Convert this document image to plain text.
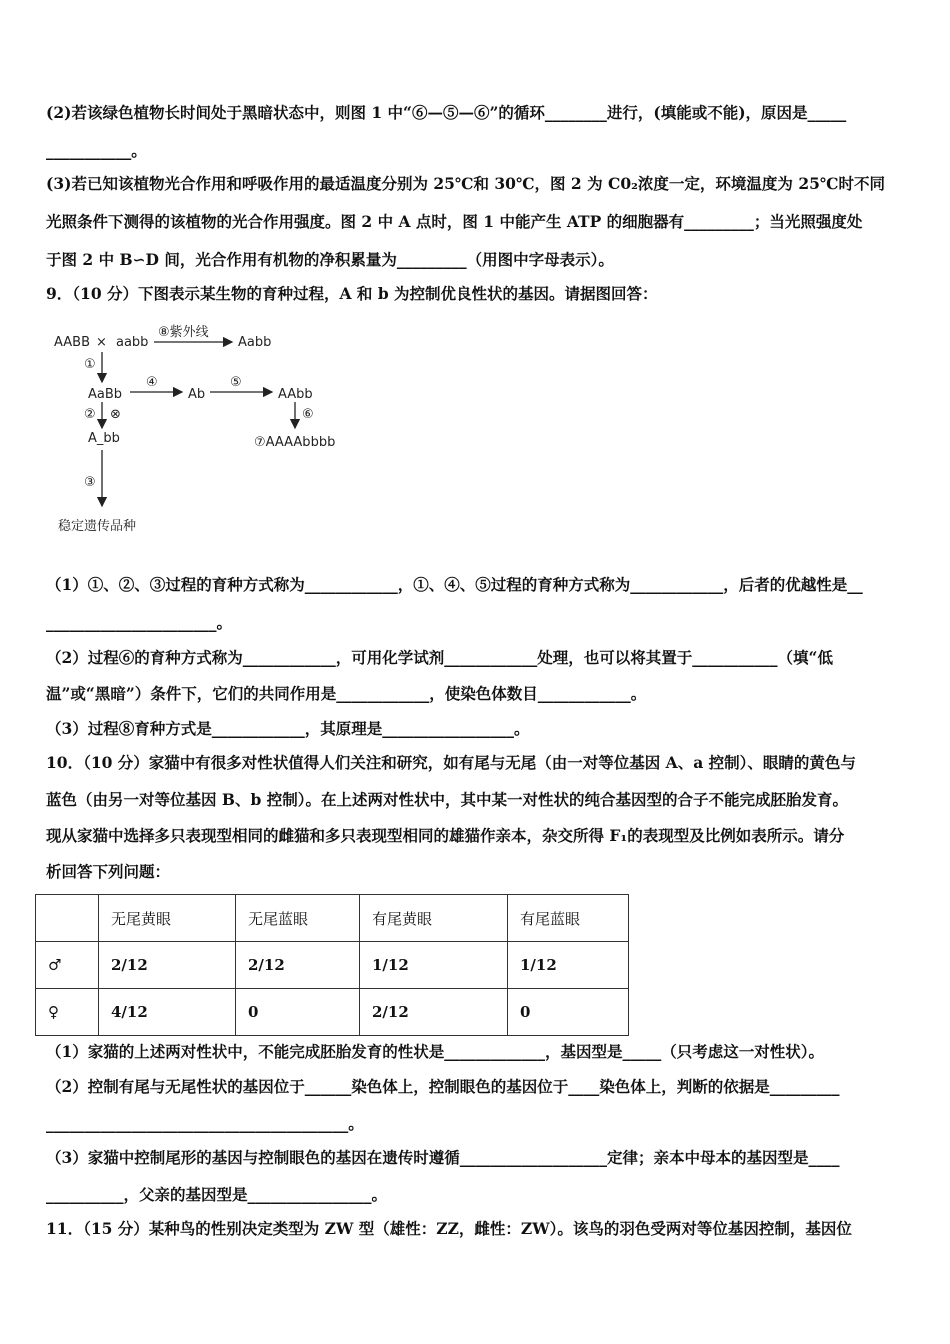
(2)若该绿色植物长时间处于黑暗状态中，则图 1 中“⑥—⑤—⑥”的循环________进行，(填能或不能)，原因是_____
___________。
(3)若已知该植物光合作用和呼吸作用的最适温度分别为 25℃和 30℃，图 2 为 C0₂浓度一定，环境温度为 25℃时不同
光照条件下测得的该植物的光合作用强度。图 2 中 A 点时，图 1 中能产生 ATP 的细胞器有_________；当光照强度处
于图 2 中 B∽D 间，光合作用有机物的净积累量为_________（用图中字母表示）。
9．（10 分）下图表示某生物的育种过程，A 和 b 为控制优良性状的基因。请据图回答：
AABB × aabb
⑧紫外线
Aabb
①
AaBb
④
Ab
⑤
AAbb
② ⊗	⑥
A_bb	⑦AAAAbbbb
③
稳定遗传品种
（1）①、②、③过程的育种方式称为____________，①、④、⑤过程的育种方式称为____________，后者的优越性是__
______________________。
（2）过程⑥的育种方式称为____________，可用化学试剂____________处理，也可以将其置于___________（填“低
温”或“黑暗”）条件下，它们的共同作用是____________，使染色体数目____________。
（3）过程⑧育种方式是____________，其原理是_________________。
10．（10 分）家猫中有很多对性状值得人们关注和研究，如有尾与无尾（由一对等位基因 A、a 控制）、眼睛的黄色与
蓝色（由另一对等位基因 B、b 控制）。在上述两对性状中，其中某一对性状的纯合基因型的合子不能完成胚胎发育。
现从家猫中选择多只表现型相同的雌猫和多只表现型相同的雄猫作亲本，杂交所得 F₁的表现型及比例如表所示。请分
析回答下列问题：
	无尾黄眼	无尾蓝眼	有尾黄眼	有尾蓝眼
♂	2/12	2/12	1/12	1/12
♀	4/12	0	2/12	0
（1）家猫的上述两对性状中，不能完成胚胎发育的性状是_____________，基因型是_____（只考虑这一对性状）。
（2）控制有尾与无尾性状的基因位于______染色体上，控制眼色的基因位于____染色体上，判断的依据是_________
_______________________________________。
（3）家猫中控制尾形的基因与控制眼色的基因在遗传时遵循___________________定律；亲本中母本的基因型是____
__________，父亲的基因型是________________。
11．（15 分）某种鸟的性别决定类型为 ZW 型（雄性：ZZ，雌性：ZW）。该鸟的羽色受两对等位基因控制，基因位
